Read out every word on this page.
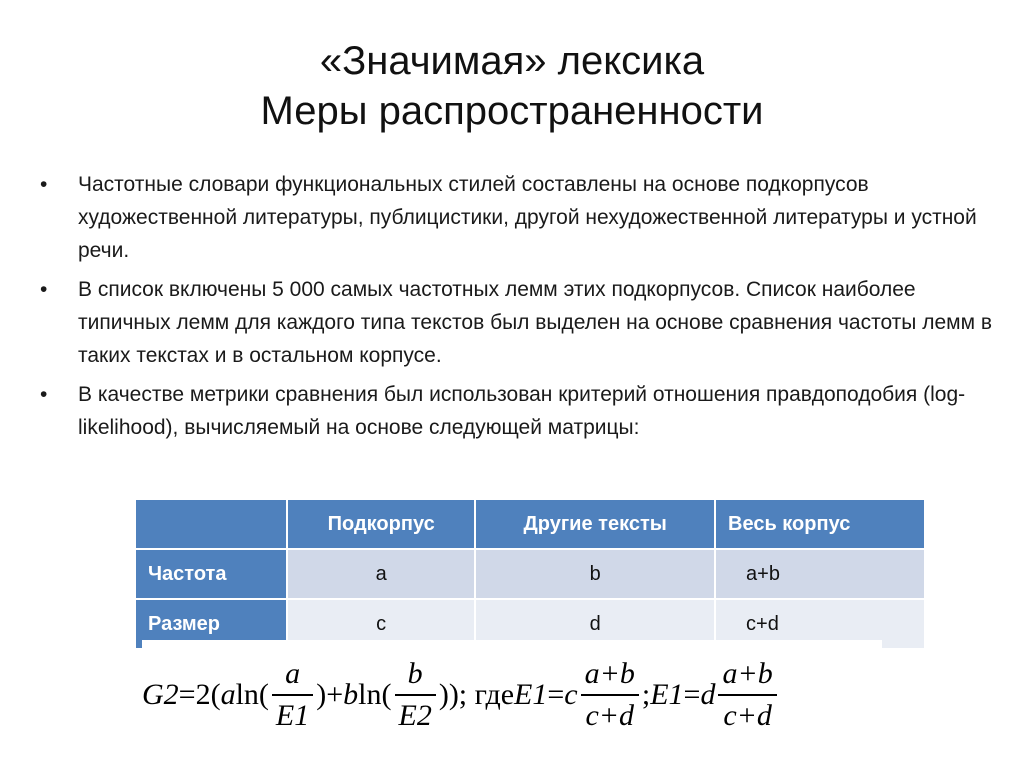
«Значимая» лексика
Меры распространенности
•	Частотные словари функциональных стилей составлены на основе подкорпусов художественной литературы, публицистики, другой нехудожественной литературы и устной речи.
•	В список включены 5 000 самых частотных лемм этих подкорпусов. Список наиболее типичных лемм для каждого типа текстов был выделен на основе сравнения частоты лемм в таких текстах и в остальном корпусе.
•	В качестве метрики сравнения был использован критерий отношения правдоподобия (log-likelihood), вычисляемый на основе следующей матрицы:
	Подкорпус	Другие тексты	Весь корпус
Частота	a	b	a+b
Размер	c	d	c+d
G2 =2( a $\ln( \frac{a}{E1}$ )+ b $\ln( \frac{b}{E2}$ )); где E1 = c $\frac{a+b}{c+d}$ ; E1 = d $\frac{a+b}{c+d}$
